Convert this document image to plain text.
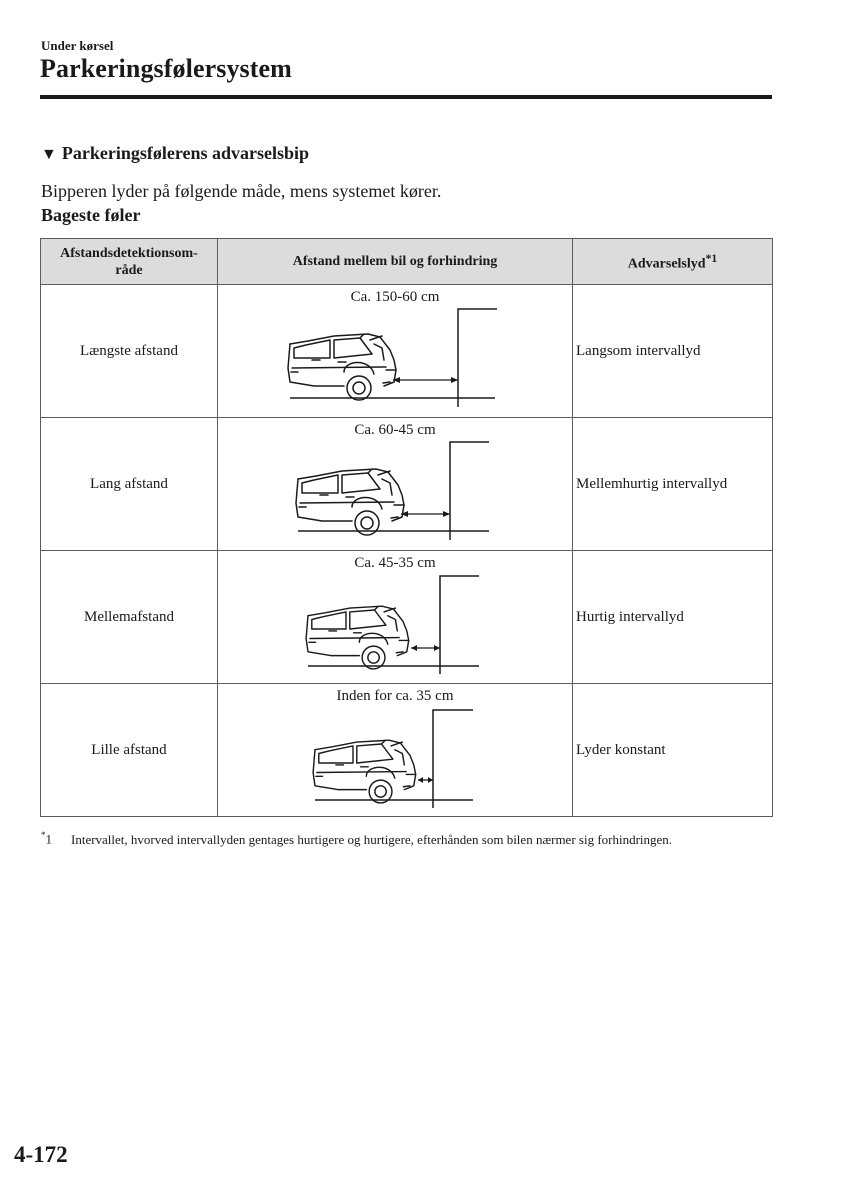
Under kørsel
Parkeringsfølersystem
▼ Parkeringsfølerens advarselsbip
Bipperen lyder på følgende måde, mens systemet kører.
Bageste føler
Afstandsdetektionsom-
råde	Afstand mellem bil og forhindring	Advarselslyd$^{*1}$
Længste afstand	Ca. 150-60 cm	Langsom intervallyd
Lang afstand	Ca. 60-45 cm	Mellemhurtig intervallyd
Mellemafstand	Ca. 45-35 cm	Hurtig intervallyd
Lille afstand	Inden for ca. 35 cm	Lyder konstant
*1 Intervallet, hvorved intervallyden gentages hurtigere og hurtigere, efterhånden som bilen nærmer sig forhindringen.
4-172
